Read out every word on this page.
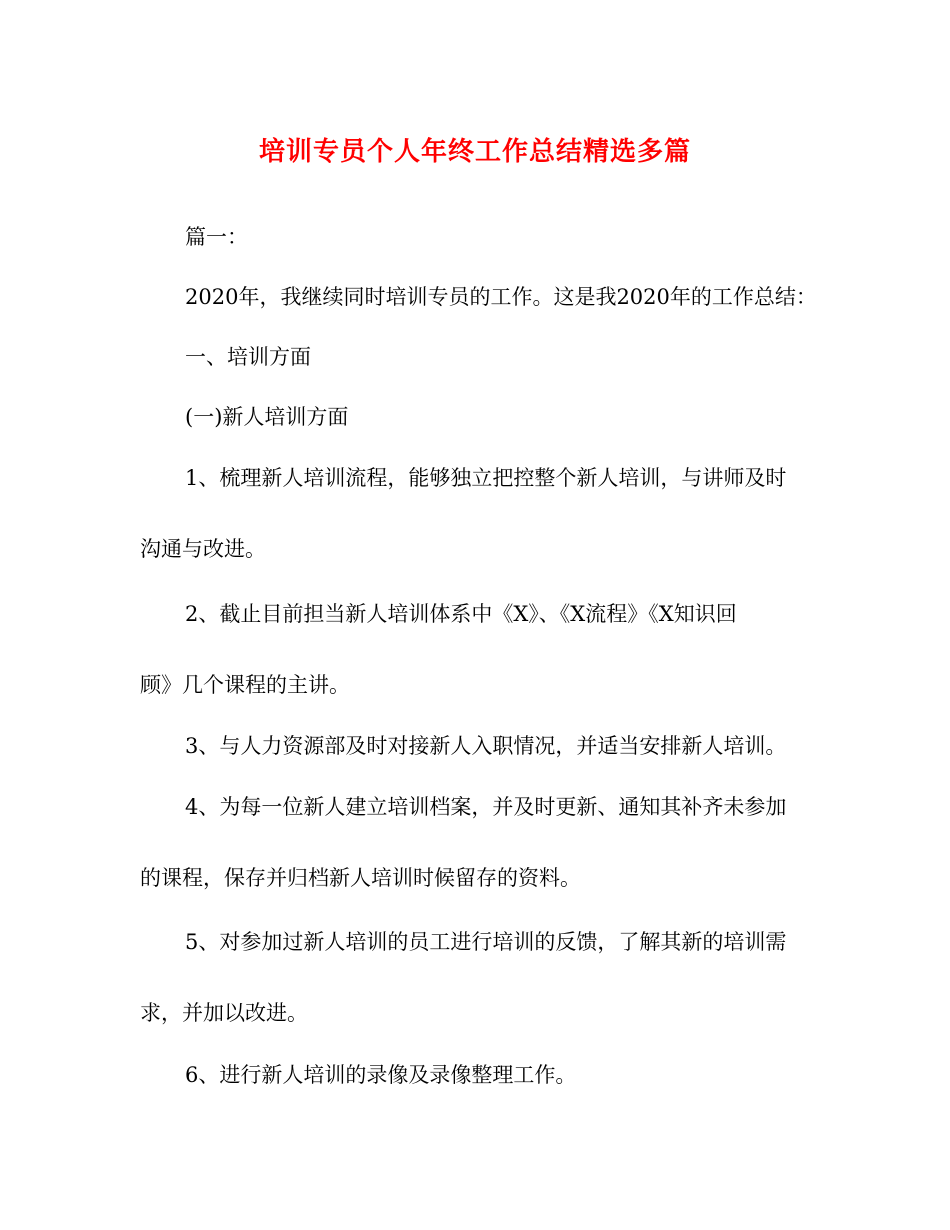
培训专员个人年终工作总结精选多篇

篇一：

2020年，我继续同时培训专员的工作。这是我2020年的工作总结：

一、培训方面

(一)新人培训方面

1、梳理新人培训流程，能够独立把控整个新人培训，与讲师及时

沟通与改进。

2、截止目前担当新人培训体系中《X》、《X流程》《X知识回

顾》几个课程的主讲。

3、与人力资源部及时对接新人入职情况，并适当安排新人培训。

4、为每一位新人建立培训档案，并及时更新、通知其补齐未参加

的课程，保存并归档新人培训时候留存的资料。

5、对参加过新人培训的员工进行培训的反馈，了解其新的培训需

求，并加以改进。

6、进行新人培训的录像及录像整理工作。
